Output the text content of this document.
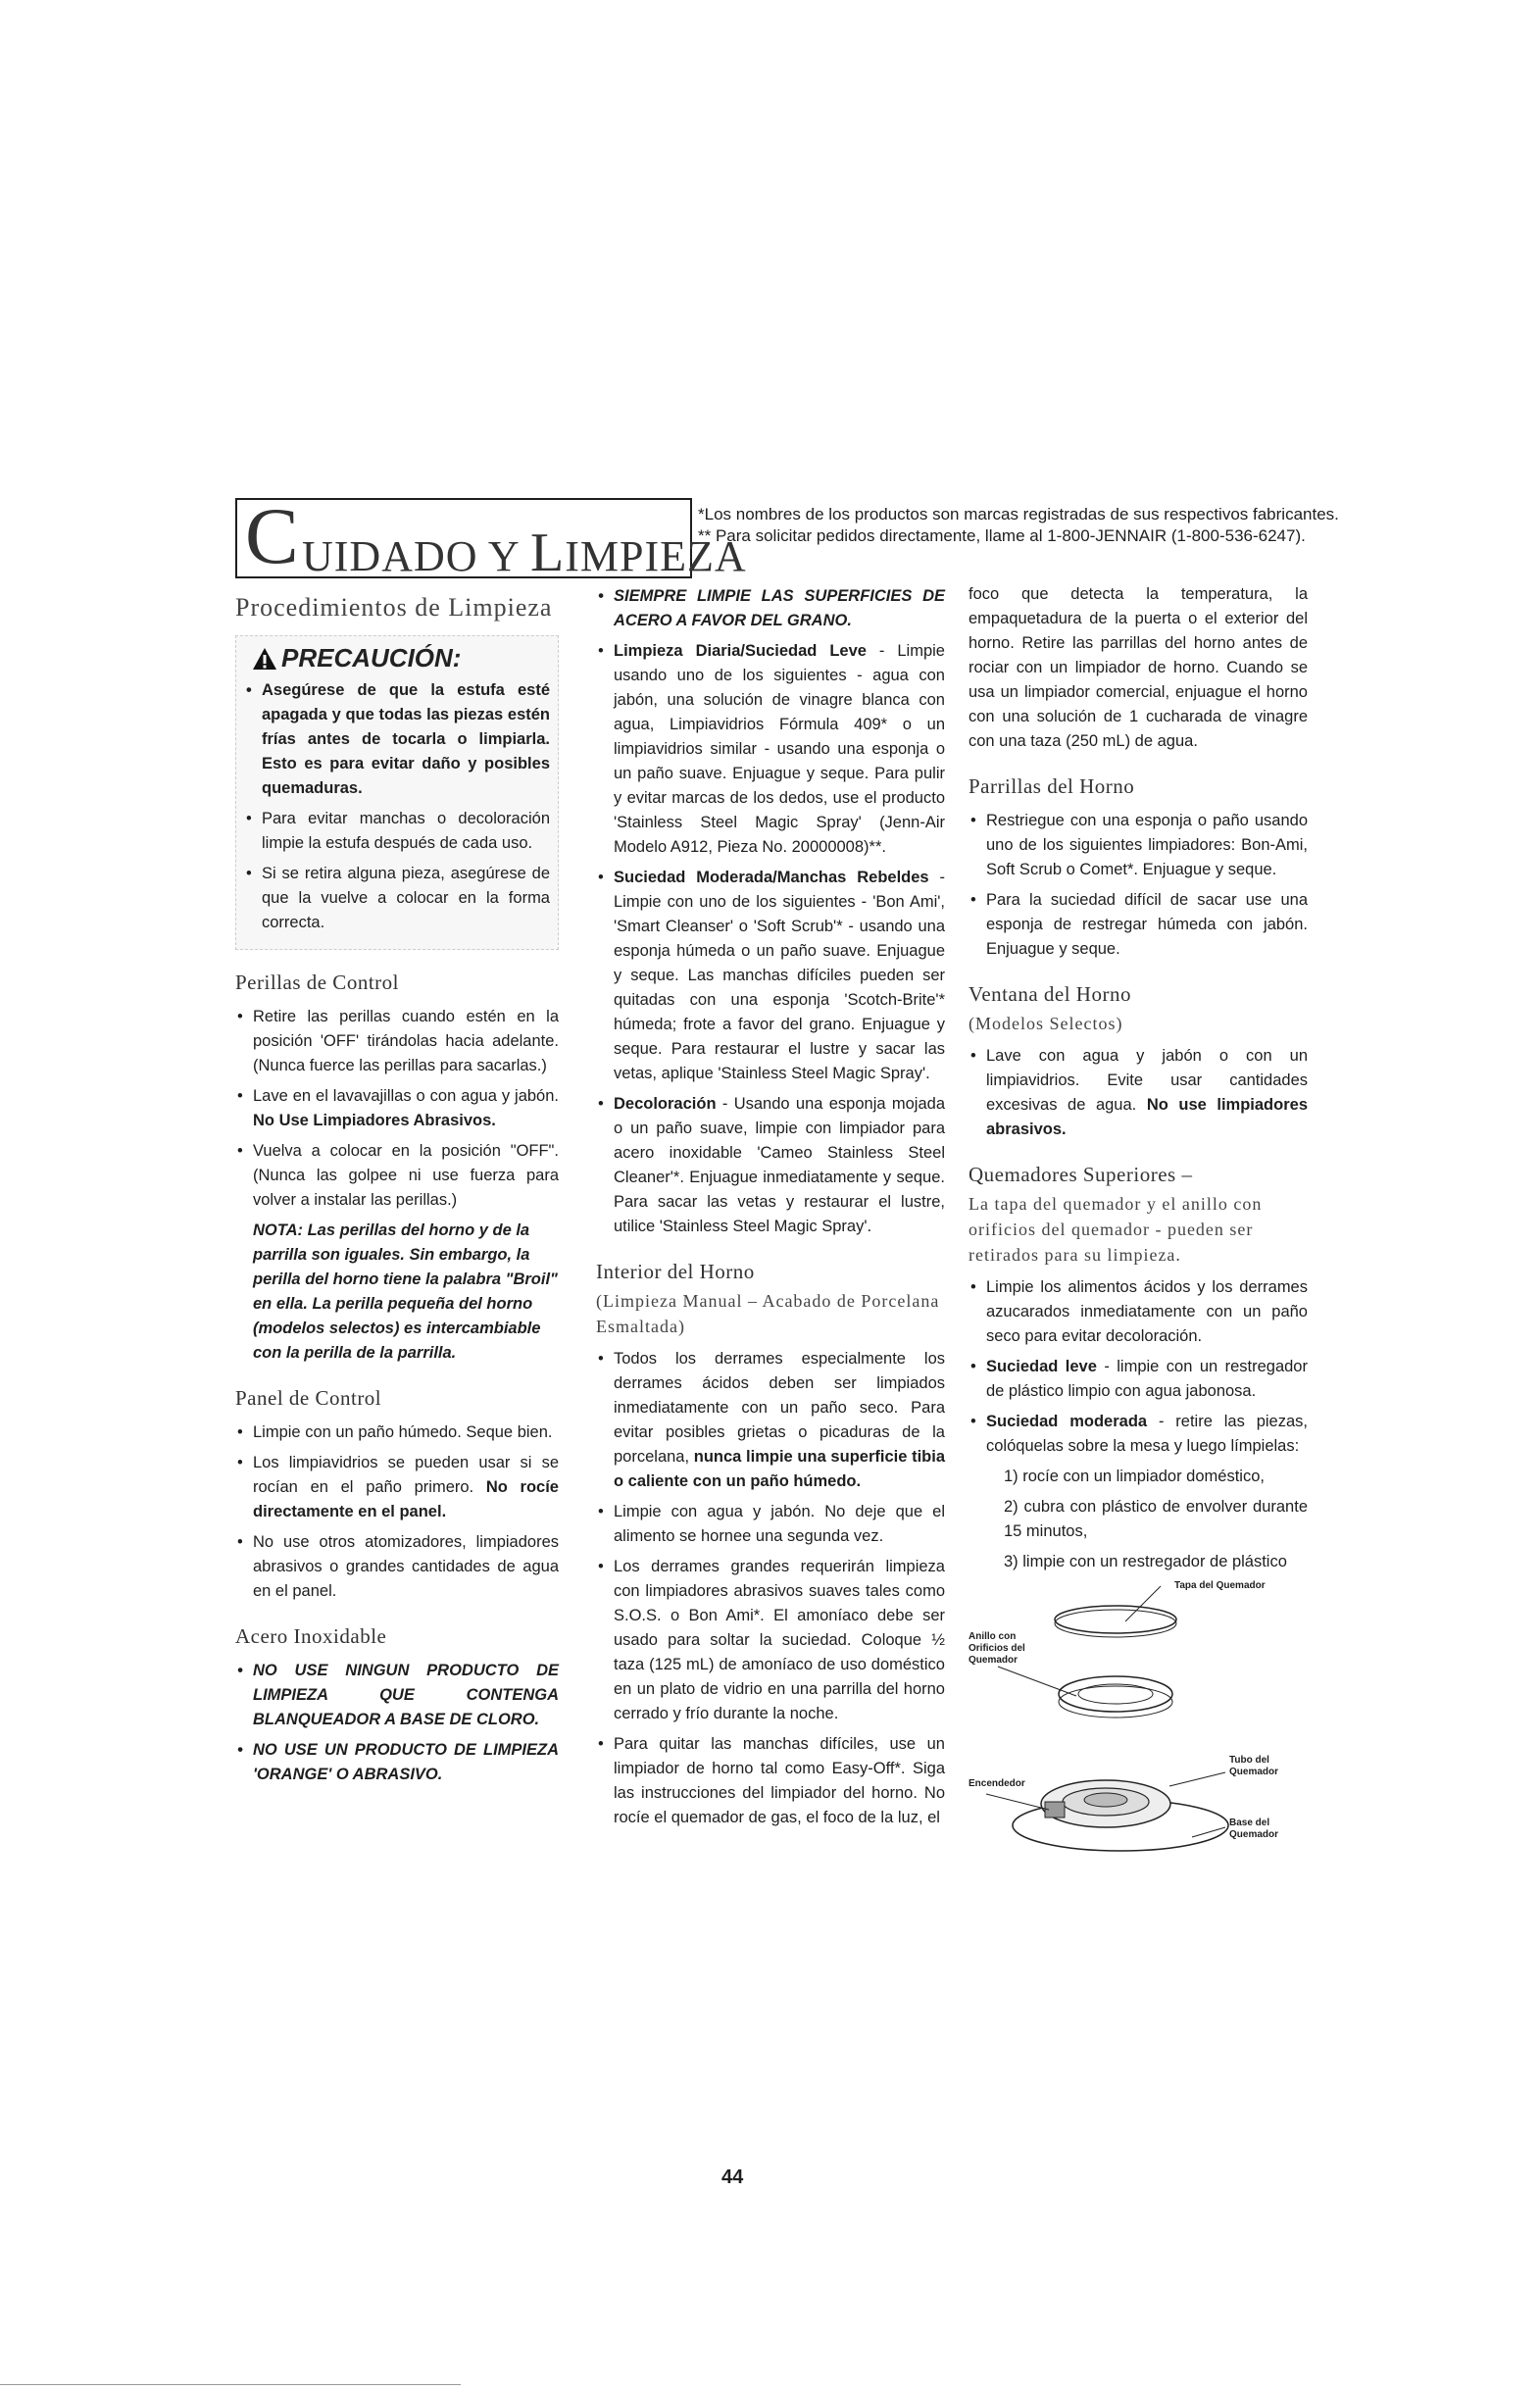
C UIDADO Y LIMPIEZA
*Los nombres de los productos son marcas registradas de sus respectivos fabricantes.
** Para solicitar pedidos directamente, llame al 1-800-JENNAIR (1-800-536-6247).
Procedimientos de Limpieza
PRECAUCIÓN:
• Asegúrese de que la estufa esté apagada y que todas las piezas estén frías antes de tocarla o limpiarla. Esto es para evitar daño y posibles quemaduras.
• Para evitar manchas o decoloración limpie la estufa después de cada uso.
• Si se retira alguna pieza, asegúrese de que la vuelve a colocar en la forma correcta.
Perillas de Control
• Retire las perillas cuando estén en la posición 'OFF' tirándolas hacia adelante. (Nunca fuerce las perillas para sacarlas.)
• Lave en el lavavajillas o con agua y jabón. No Use Limpiadores Abrasivos.
• Vuelva a colocar en la posición "OFF". (Nunca las golpee ni use fuerza para volver a instalar las perillas.)
NOTA: Las perillas del horno y de la parrilla son iguales. Sin embargo, la perilla del horno tiene la palabra "Broil" en ella. La perilla pequeña del horno (modelos selectos) es intercambiable con la perilla de la parrilla.
Panel de Control
• Limpie con un paño húmedo. Seque bien.
• Los limpiavidrios se pueden usar si se rocían en el paño primero. No rocíe directamente en el panel.
• No use otros atomizadores, limpiadores abrasivos o grandes cantidades de agua en el panel.
Acero Inoxidable
• NO USE NINGUN PRODUCTO DE LIMPIEZA QUE CONTENGA BLANQUEADOR A BASE DE CLORO.
• NO USE UN PRODUCTO DE LIMPIEZA 'ORANGE' O ABRASIVO.
• SIEMPRE LIMPIE LAS SUPERFICIES DE ACERO A FAVOR DEL GRANO.
• Limpieza Diaria/Suciedad Leve - Limpie usando uno de los siguientes - agua con jabón, una solución de vinagre blanca con agua, Limpiavidrios Fórmula 409* o un limpiavidrios similar - usando una esponja o un paño suave. Enjuague y seque. Para pulir y evitar marcas de los dedos, use el producto 'Stainless Steel Magic Spray' (Jenn-Air Modelo A912, Pieza No. 20000008)**.
• Suciedad Moderada/Manchas Rebeldes - Limpie con uno de los siguientes - 'Bon Ami', 'Smart Cleanser' o 'Soft Scrub'* - usando una esponja húmeda o un paño suave. Enjuague y seque. Las manchas difíciles pueden ser quitadas con una esponja 'Scotch-Brite'* húmeda; frote a favor del grano. Enjuague y seque. Para restaurar el lustre y sacar las vetas, aplique 'Stainless Steel Magic Spray'.
• Decoloración - Usando una esponja mojada o un paño suave, limpie con limpiador para acero inoxidable 'Cameo Stainless Steel Cleaner'*. Enjuague inmediatamente y seque. Para sacar las vetas y restaurar el lustre, utilice 'Stainless Steel Magic Spray'.
Interior del Horno
(Limpieza Manual – Acabado de Porcelana Esmaltada)
• Todos los derrames especialmente los derrames ácidos deben ser limpiados inmediatamente con un paño seco. Para evitar posibles grietas o picaduras de la porcelana, nunca limpie una superficie tibia o caliente con un paño húmedo.
• Limpie con agua y jabón. No deje que el alimento se hornee una segunda vez.
• Los derrames grandes requerirán limpieza con limpiadores abrasivos suaves tales como S.O.S. o Bon Ami*. El amoníaco debe ser usado para soltar la suciedad. Coloque ½ taza (125 mL) de amoníaco de uso doméstico en un plato de vidrio en una parrilla del horno cerrado y frío durante la noche.
• Para quitar las manchas difíciles, use un limpiador de horno tal como Easy-Off*. Siga las instrucciones del limpiador del horno. No rocíe el quemador de gas, el foco de la luz, el
foco que detecta la temperatura, la empaquetadura de la puerta o el exterior del horno. Retire las parrillas del horno antes de rociar con un limpiador de horno. Cuando se usa un limpiador comercial, enjuague el horno con una solución de 1 cucharada de vinagre con una taza (250 mL) de agua.
Parrillas del Horno
• Restriegue con una esponja o paño usando uno de los siguientes limpiadores: Bon-Ami, Soft Scrub o Comet*. Enjuague y seque.
• Para la suciedad difícil de sacar use una esponja de restregar húmeda con jabón. Enjuague y seque.
Ventana del Horno
(Modelos Selectos)
• Lave con agua y jabón o con un limpiavidrios. Evite usar cantidades excesivas de agua. No use limpiadores abrasivos.
Quemadores Superiores –
La tapa del quemador y el anillo con orificios del quemador - pueden ser retirados para su limpieza.
• Limpie los alimentos ácidos y los derrames azucarados inmediatamente con un paño seco para evitar decoloración.
• Suciedad leve - limpie con un restregador de plástico limpio con agua jabonosa.
• Suciedad moderada - retire las piezas, colóquelas sobre la mesa y luego límpielas:
1) rocíe con un limpiador doméstico,
2) cubra con plástico de envolver durante 15 minutos,
3) limpie con un restregador de plástico
Tapa del Quemador
Anillo con Orificios del Quemador
Tubo del Quemador
Encendedor
Base del Quemador
44
